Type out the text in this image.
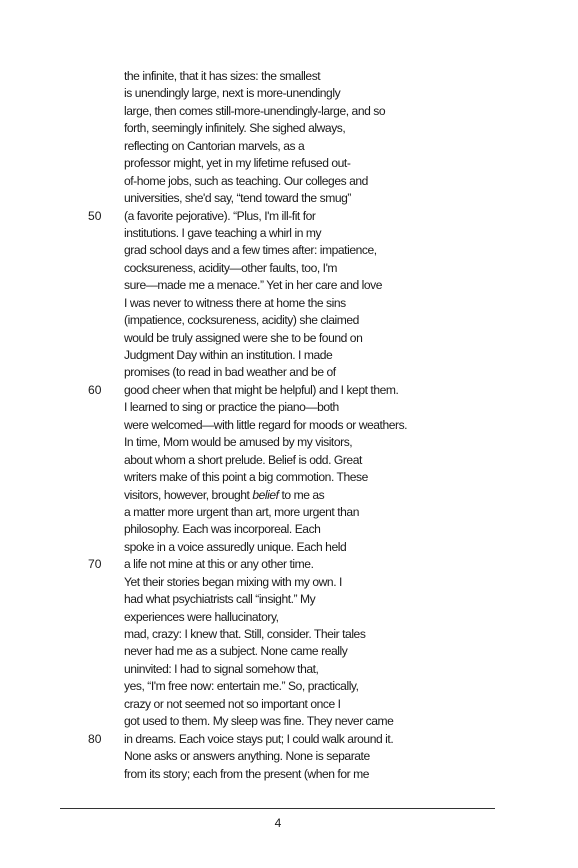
the infinite, that it has sizes: the smallest
is unendingly large, next is more-unendingly
large, then comes still-more-unendingly-large, and so
forth, seemingly infinitely. She sighed always,
reflecting on Cantorian marvels, as a
professor might, yet in my lifetime refused out-
of-home jobs, such as teaching. Our colleges and
universities, she'd say, “tend toward the smug”
50 (a favorite pejorative). “Plus, I'm ill-fit for
institutions. I gave teaching a whirl in my
grad school days and a few times after: impatience,
cocksureness, acidity—other faults, too, I'm
sure—made me a menace.” Yet in her care and love
I was never to witness there at home the sins
(impatience, cocksureness, acidity) she claimed
would be truly assigned were she to be found on
Judgment Day within an institution. I made
promises (to read in bad weather and be of
60 good cheer when that might be helpful) and I kept them.
I learned to sing or practice the piano—both
were welcomed—with little regard for moods or weathers.
In time, Mom would be amused by my visitors,
about whom a short prelude. Belief is odd. Great
writers make of this point a big commotion. These
visitors, however, brought belief to me as
a matter more urgent than art, more urgent than
philosophy. Each was incorporeal. Each
spoke in a voice assuredly unique. Each held
70 a life not mine at this or any other time.
Yet their stories began mixing with my own. I
had what psychiatrists call “insight.” My
experiences were hallucinatory,
mad, crazy: I knew that. Still, consider. Their tales
never had me as a subject. None came really
uninvited: I had to signal somehow that,
yes, “I'm free now: entertain me.” So, practically,
crazy or not seemed not so important once I
got used to them. My sleep was fine. They never came
80 in dreams. Each voice stays put; I could walk around it.
None asks or answers anything. None is separate
from its story; each from the present (when for me
4
